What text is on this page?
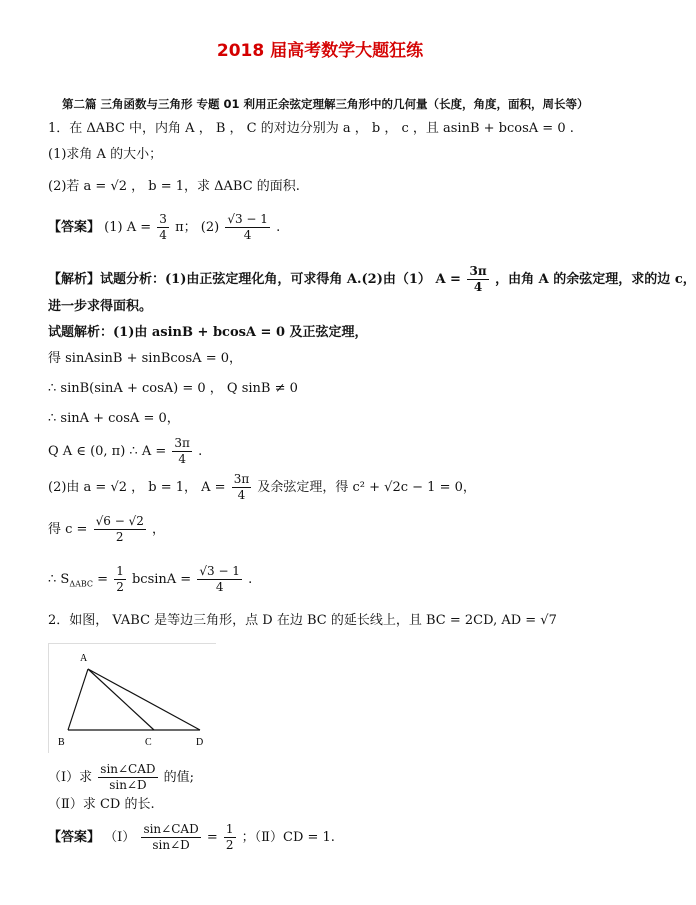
2018 届高考数学大题狂练
第二篇 三角函数与三角形 专题 01 利用正余弦定理解三角形中的几何量（长度，角度，面积，周长等）
1．在 ΔABC 中，内角 A ， B ， C 的对边分别为 a ， b ， c ，且 asinB + bcosA = 0 .
(1)求角 A 的大小；
(2)若 a = √2 ， b = 1，求 ΔABC 的面积.
【答案】 (1) $A = \frac{3}{4}$ π； $(2) \frac{√3 - 1}{4}$ .
【解析】试题分析：(1)由正弦定理化角，可求得角 A.(2)由（1） $A = \frac{3\pi}{4}$ ，由角 A 的余弦定理，求的边 c，
进一步求得面积。
试题解析：(1)由 asinB + bcosA = 0 及正弦定理，
得 sinAsinB + sinBcosA = 0，
∴ sinB(sinA + cosA) = 0 ， Q sinB ≠ 0
∴ sinA + cosA = 0，
Q A ∈ (0, π) ∴ $A = \frac{3\pi}{4}$ .
(2)由 a = √2 ， b = 1， $A = \frac{3\pi}{4}$ 及余弦定理，得 c² + √2c − 1 = 0，
得 $c = \frac{√6 - √2}{2}$ ，
∴ $S_{\Delta ABC} = \frac{1}{2}$ $bcsinA = \frac{√3 - 1}{4}$ .
2．如图， VABC 是等边三角形，点 D 在边 BC 的延长线上，且 BC = 2CD, AD = √7
A
B	C	D
（Ⅰ）求 $\frac{\text{sin∠CAD}}{\sin\angle D}$ 的值;
（Ⅱ）求 CD 的长.
【答案】 （Ⅰ） $\frac{\text{sin∠CAD}}{\sin\angle D} = \frac{1}{2}$ ；（Ⅱ）CD = 1.
